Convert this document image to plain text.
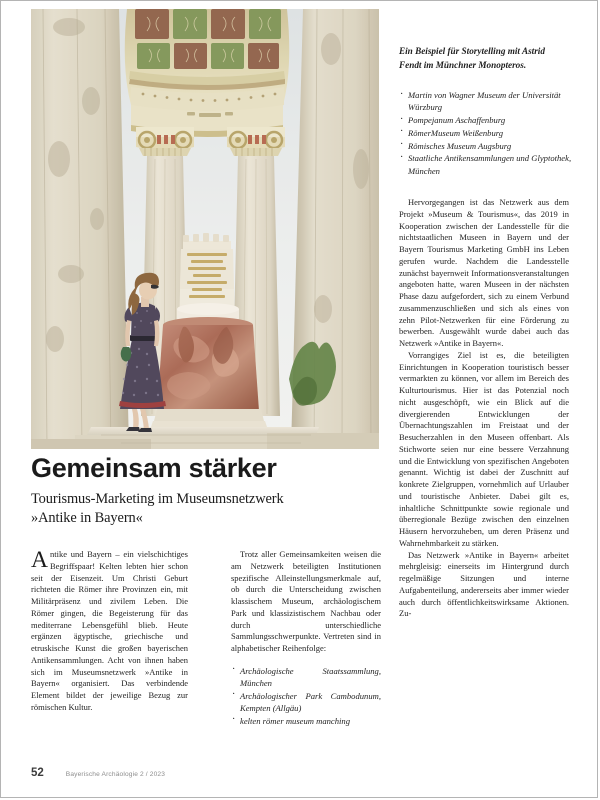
Gemeinsam stärker

Tourismus-Marketing im Museumsnetzwerk
»Antike in Bayern«

Ein Beispiel für Storytelling mit Astrid Fendt im Münchner Monopteros.
· Martin von Wagner Museum der Universität Würzburg
· Pompejanum Aschaffenburg
· RömerMuseum Weißenburg
· Römisches Museum Augsburg
· Staatliche Antikensammlungen und Glyptothek, München

Antike und Bayern – ein vielschichtiges Begriffspaar! Kelten lebten hier schon seit der Eisenzeit. Um Christi Geburt richteten die Römer ihre Provinzen ein, mit Militärpräsenz und zivilem Leben. Die Römer gingen, die Begeisterung für das mediterrane Lebensgefühl blieb. Heute ergänzen ägyptische, griechische und etruskische Kunst die großen bayerischen Antikensammlungen. Acht von ihnen haben sich im Museumsnetzwerk »Antike in Bayern« organisiert. Das verbindende Element bildet der jeweilige Bezug zur römischen Kultur.

Trotz aller Gemeinsamkeiten weisen die am Netzwerk beteiligten Institutionen spezifische Alleinstellungsmerkmale auf, ob durch die Unterscheidung zwischen klassischem Museum, archäologischem Park und klassizistischem Nachbau oder durch unterschiedliche Sammlungsschwerpunkte. Vertreten sind in alphabetischer Reihenfolge:

· Archäologische Staatssammlung, München
· Archäologischer Park Cambodunum, Kempten (Allgäu)
· kelten römer museum manching

Hervorgegangen ist das Netzwerk aus dem Projekt »Museum & Tourismus«, das 2019 in Kooperation zwischen der Landesstelle für die nichtstaatlichen Museen in Bayern und der Bayern Tourismus Marketing GmbH ins Leben gerufen wurde. Nachdem die Landesstelle zunächst bayernweit Informationsveranstaltungen angeboten hatte, waren Museen in der nächsten Phase dazu aufgefordert, sich zu einem Verbund zusammenzuschließen und sich als eines von zehn Pilot-Netzwerken für eine Förderung zu bewerben. Ausgewählt wurde dabei auch das Netzwerk »Antike in Bayern«.

Vorrangiges Ziel ist es, die beteiligten Einrichtungen in Kooperation touristisch besser vermarkten zu können, vor allem im Bereich des Kulturtourismus. Hier ist das Potenzial noch nicht ausgeschöpft, wie ein Blick auf die divergierenden Entwicklungen der Übernachtungszahlen im Freistaat und der Besucherzahlen in den Museen offenbart. Als Stichworte seien nur eine bessere Verzahnung und die Entwicklung von spezifischen Angeboten genannt. Wichtig ist dabei der Zuschnitt auf konkrete Zielgruppen, vornehmlich auf Urlauber und touristische Anbieter. Dabei gilt es, inhaltliche Schnittpunkte sowie regionale und überregionale Bezüge zwischen den einzelnen Häusern hervorzuheben, um deren Präsenz und Wahrnehmbarkeit zu stärken.

Das Netzwerk »Antike in Bayern« arbeitet mehrgleisig: einerseits im Hintergrund durch regelmäßige Sitzungen und interne Aufgabenteilung, andererseits aber immer wieder auch durch öffentlichkeitswirksame Aktionen. Zu-

52	Bayerische Archäologie 2 / 2023
